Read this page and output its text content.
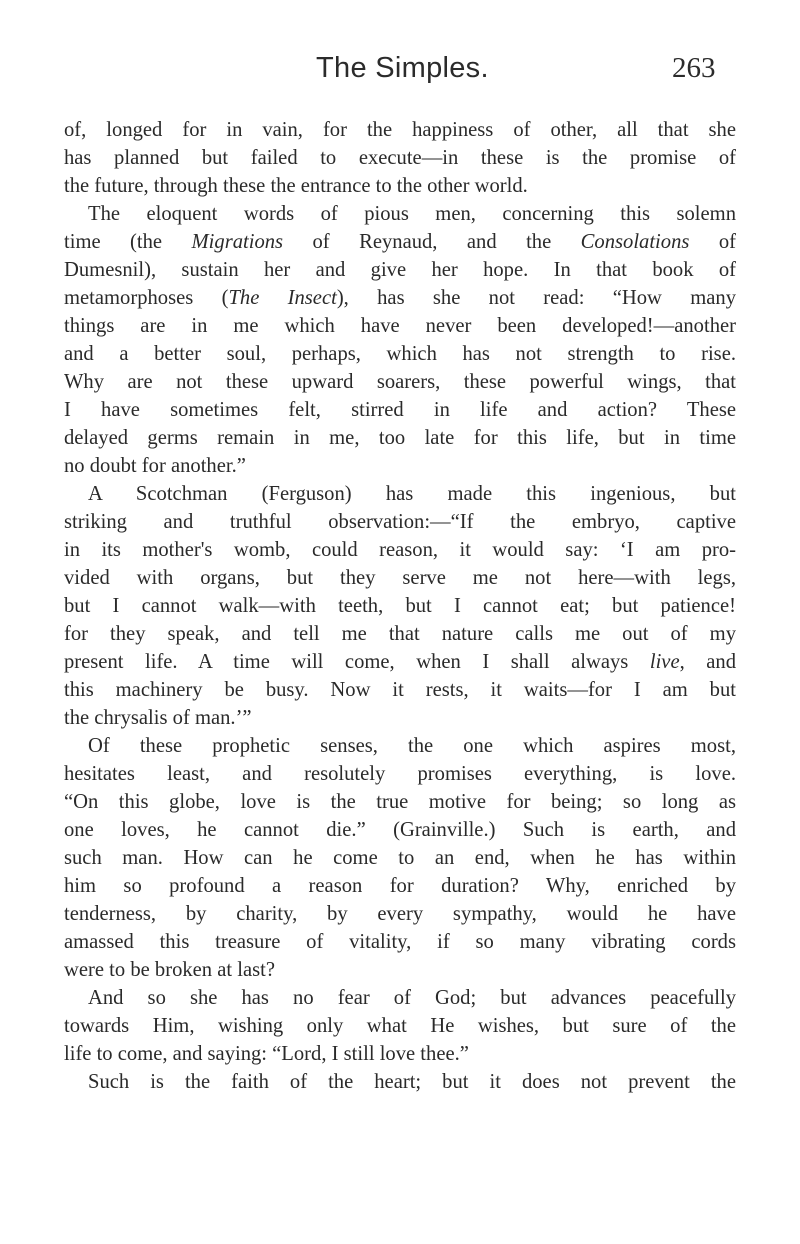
The Simples.	263
of, longed for in vain, for the happiness of other, all that she
has planned but failed to execute—in these is the promise of
the future, through these the entrance to the other world.
The eloquent words of pious men, concerning this solemn
time (the Migrations of Reynaud, and the Consolations of
Dumesnil), sustain her and give her hope. In that book of
metamorphoses (The Insect), has she not read: “How many
things are in me which have never been developed!—another
and a better soul, perhaps, which has not strength to rise.
Why are not these upward soarers, these powerful wings, that
I have sometimes felt, stirred in life and action? These
delayed germs remain in me, too late for this life, but in time
no doubt for another.”
A Scotchman (Ferguson) has made this ingenious, but
striking and truthful observation:—“If the embryo, captive
in its mother's womb, could reason, it would say: ‘I am pro-
vided with organs, but they serve me not here—with legs,
but I cannot walk—with teeth, but I cannot eat; but patience!
for they speak, and tell me that nature calls me out of my
present life. A time will come, when I shall always live, and
this machinery be busy. Now it rests, it waits—for I am but
the chrysalis of man.’”
Of these prophetic senses, the one which aspires most,
hesitates least, and resolutely promises everything, is love.
“On this globe, love is the true motive for being; so long as
one loves, he cannot die.” (Grainville.) Such is earth, and
such man. How can he come to an end, when he has within
him so profound a reason for duration? Why, enriched by
tenderness, by charity, by every sympathy, would he have
amassed this treasure of vitality, if so many vibrating cords
were to be broken at last?
And so she has no fear of God; but advances peacefully
towards Him, wishing only what He wishes, but sure of the
life to come, and saying: “Lord, I still love thee.”
Such is the faith of the heart; but it does not prevent the
